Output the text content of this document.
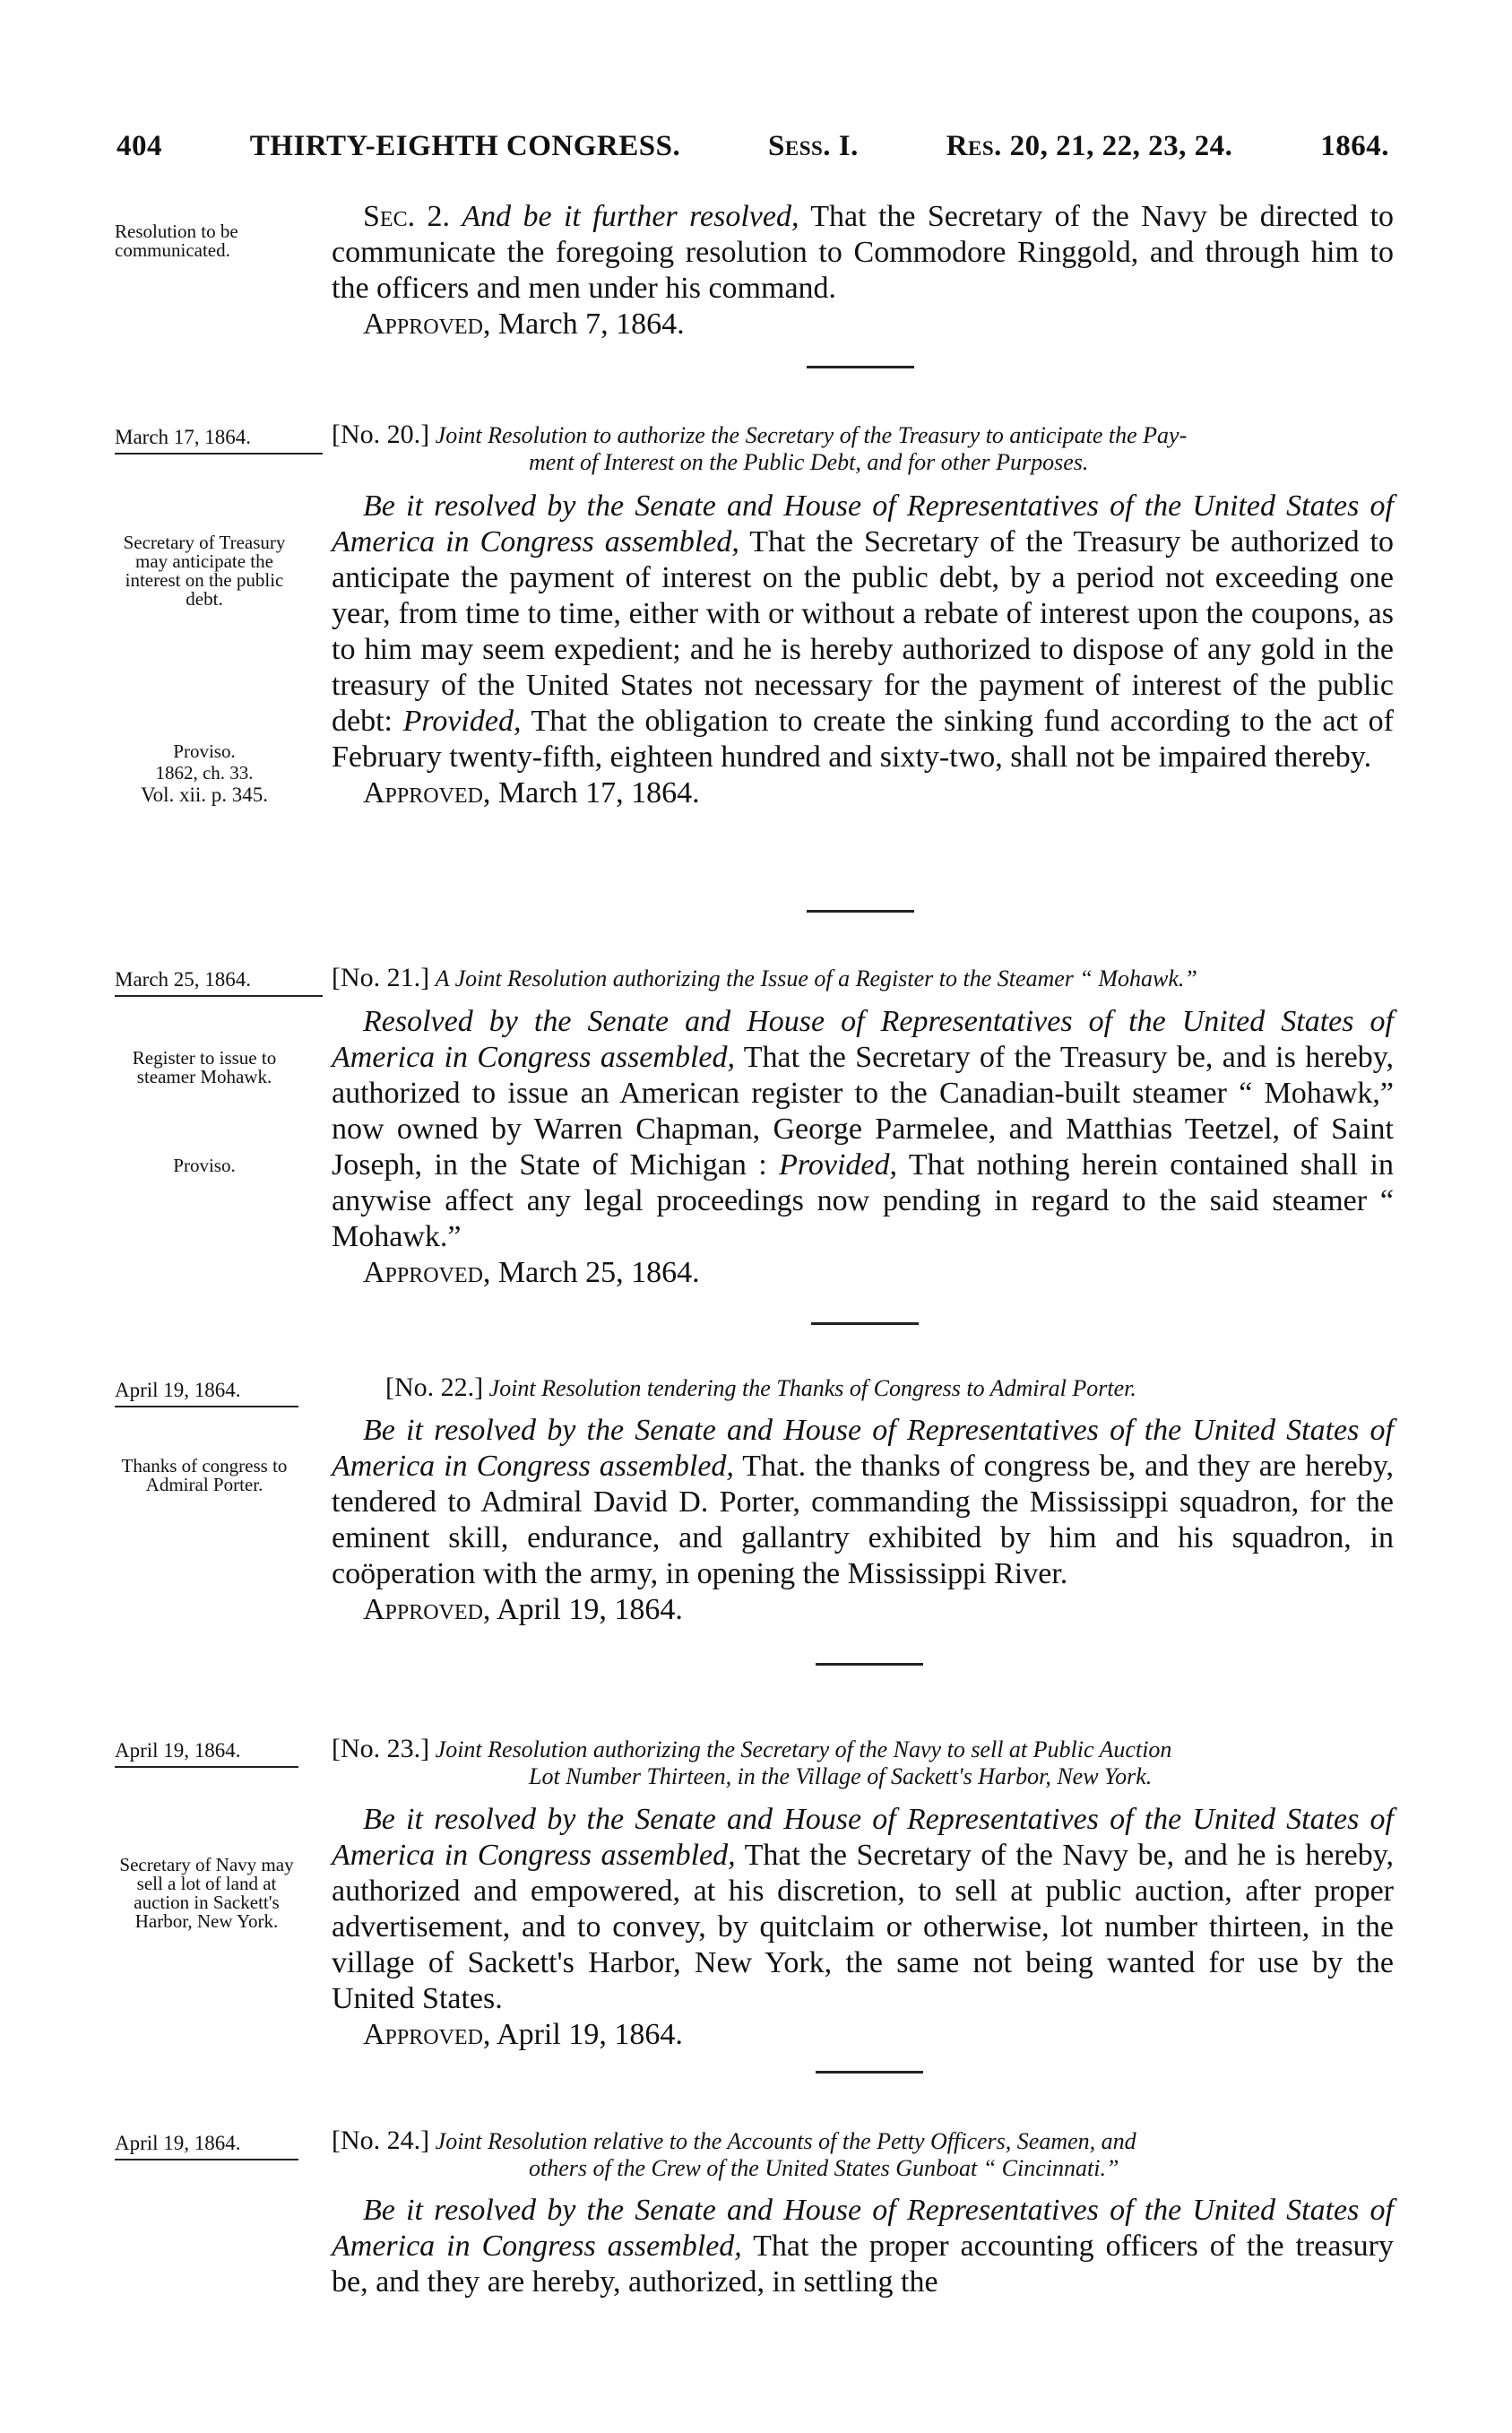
404	THIRTY-EIGHTH CONGRESS.	Sess. I.	Res. 20, 21, 22, 23, 24.	1864.
Resolution to be communicated.

Sec. 2. And be it further resolved, That the Secretary of the Navy be directed to communicate the foregoing resolution to Commodore Ringgold, and through him to the officers and men under his command.

Approved, March 7, 1864.

March 17, 1864.	[No. 20.] Joint Resolution to authorize the Secretary of the Treasury to anticipate the Pay-
ment of Interest on the Public Debt, and for other Purposes.
Secretary of Treasury may anticipate the interest on the public debt.
Proviso.
1862, ch. 33.
Vol. xii. p. 345.

Be it resolved by the Senate and House of Representatives of the United States of America in Congress assembled, That the Secretary of the Treasury be authorized to anticipate the payment of interest on the public debt, by a period not exceeding one year, from time to time, either with or without a rebate of interest upon the coupons, as to him may seem expedient; and he is hereby authorized to dispose of any gold in the treasury of the United States not necessary for the payment of interest of the public debt: Provided, That the obligation to create the sinking fund according to the act of February twenty-fifth, eighteen hundred and sixty-two, shall not be impaired thereby.

Approved, March 17, 1864.

March 25, 1864.	[No. 21.] A Joint Resolution authorizing the Issue of a Register to the Steamer “ Mohawk.”
Register to issue to steamer Mohawk.
Proviso.

Resolved by the Senate and House of Representatives of the United States of America in Congress assembled, That the Secretary of the Treasury be, and is hereby, authorized to issue an American register to the Canadian-built steamer “ Mohawk,” now owned by Warren Chapman, George Parmelee, and Matthias Teetzel, of Saint Joseph, in the State of Michigan : Provided, That nothing herein contained shall in anywise affect any legal proceedings now pending in regard to the said steamer “ Mohawk.”

Approved, March 25, 1864.

April 19, 1864.	[No. 22.] Joint Resolution tendering the Thanks of Congress to Admiral Porter.
Thanks of congress to Admiral Porter.

Be it resolved by the Senate and House of Representatives of the United States of America in Congress assembled, That. the thanks of congress be, and they are hereby, tendered to Admiral David D. Porter, commanding the Mississippi squadron, for the eminent skill, endurance, and gallantry exhibited by him and his squadron, in coöperation with the army, in opening the Mississippi River.

Approved, April 19, 1864.

April 19, 1864.	[No. 23.] Joint Resolution authorizing the Secretary of the Navy to sell at Public Auction
Lot Number Thirteen, in the Village of Sackett's Harbor, New York.
Secretary of Navy may sell a lot of land at auction in Sackett's Harbor, New York.

Be it resolved by the Senate and House of Representatives of the United States of America in Congress assembled, That the Secretary of the Navy be, and he is hereby, authorized and empowered, at his discretion, to sell at public auction, after proper advertisement, and to convey, by quitclaim or otherwise, lot number thirteen, in the village of Sackett's Harbor, New York, the same not being wanted for use by the United States.

Approved, April 19, 1864.

April 19, 1864.	[No. 24.] Joint Resolution relative to the Accounts of the Petty Officers, Seamen, and
others of the Crew of the United States Gunboat “ Cincinnati.”

Be it resolved by the Senate and House of Representatives of the United States of America in Congress assembled, That the proper accounting officers of the treasury be, and they are hereby, authorized, in settling the
